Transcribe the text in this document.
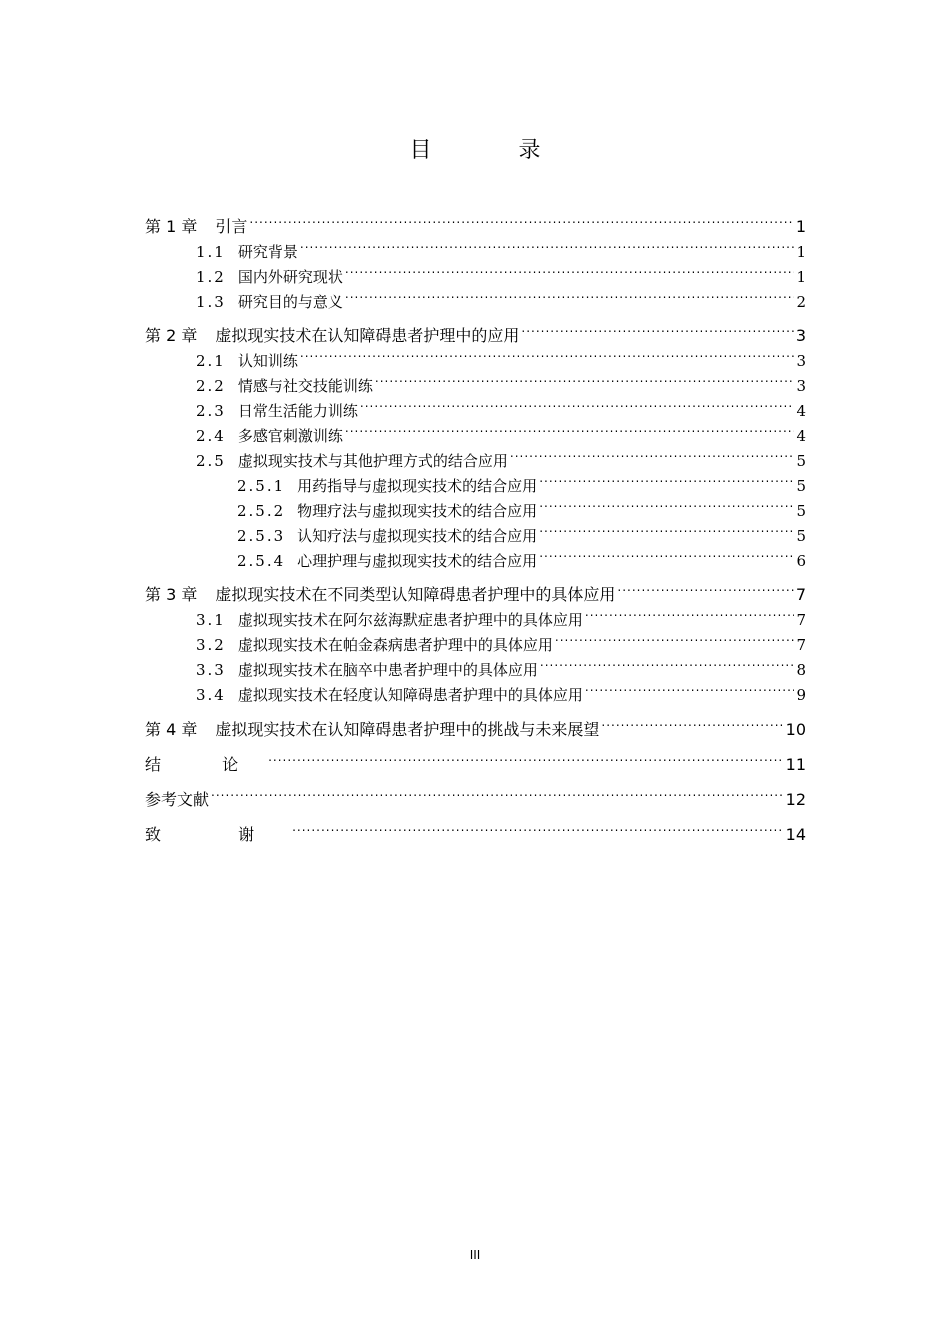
目 录
第 1 章 引言 .....	1
1.1 研究背景 .....	1
1.2 国内外研究现状 .....	1
1.3 研究目的与意义 .....	2
第 2 章 虚拟现实技术在认知障碍患者护理中的应用 .....	3
2.1 认知训练 .....	3
2.2 情感与社交技能训练 .....	3
2.3 日常生活能力训练 .....	4
2.4 多感官刺激训练 .....	4
2.5 虚拟现实技术与其他护理方式的结合应用 .....	5
2.5.1 用药指导与虚拟现实技术的结合应用 .....	5
2.5.2 物理疗法与虚拟现实技术的结合应用 .....	5
2.5.3 认知疗法与虚拟现实技术的结合应用 .....	5
2.5.4 心理护理与虚拟现实技术的结合应用 .....	6
第 3 章 虚拟现实技术在不同类型认知障碍患者护理中的具体应用 .....	7
3.1 虚拟现实技术在阿尔兹海默症患者护理中的具体应用 .....	7
3.2 虚拟现实技术在帕金森病患者护理中的具体应用 .....	7
3.3 虚拟现实技术在脑卒中患者护理中的具体应用 .....	8
3.4 虚拟现实技术在轻度认知障碍患者护理中的具体应用 .....	9
第 4 章 虚拟现实技术在认知障碍患者护理中的挑战与未来展望 .....	10
结 论 .....	11
参考文献 .....	12
致 谢 .....	14
III
